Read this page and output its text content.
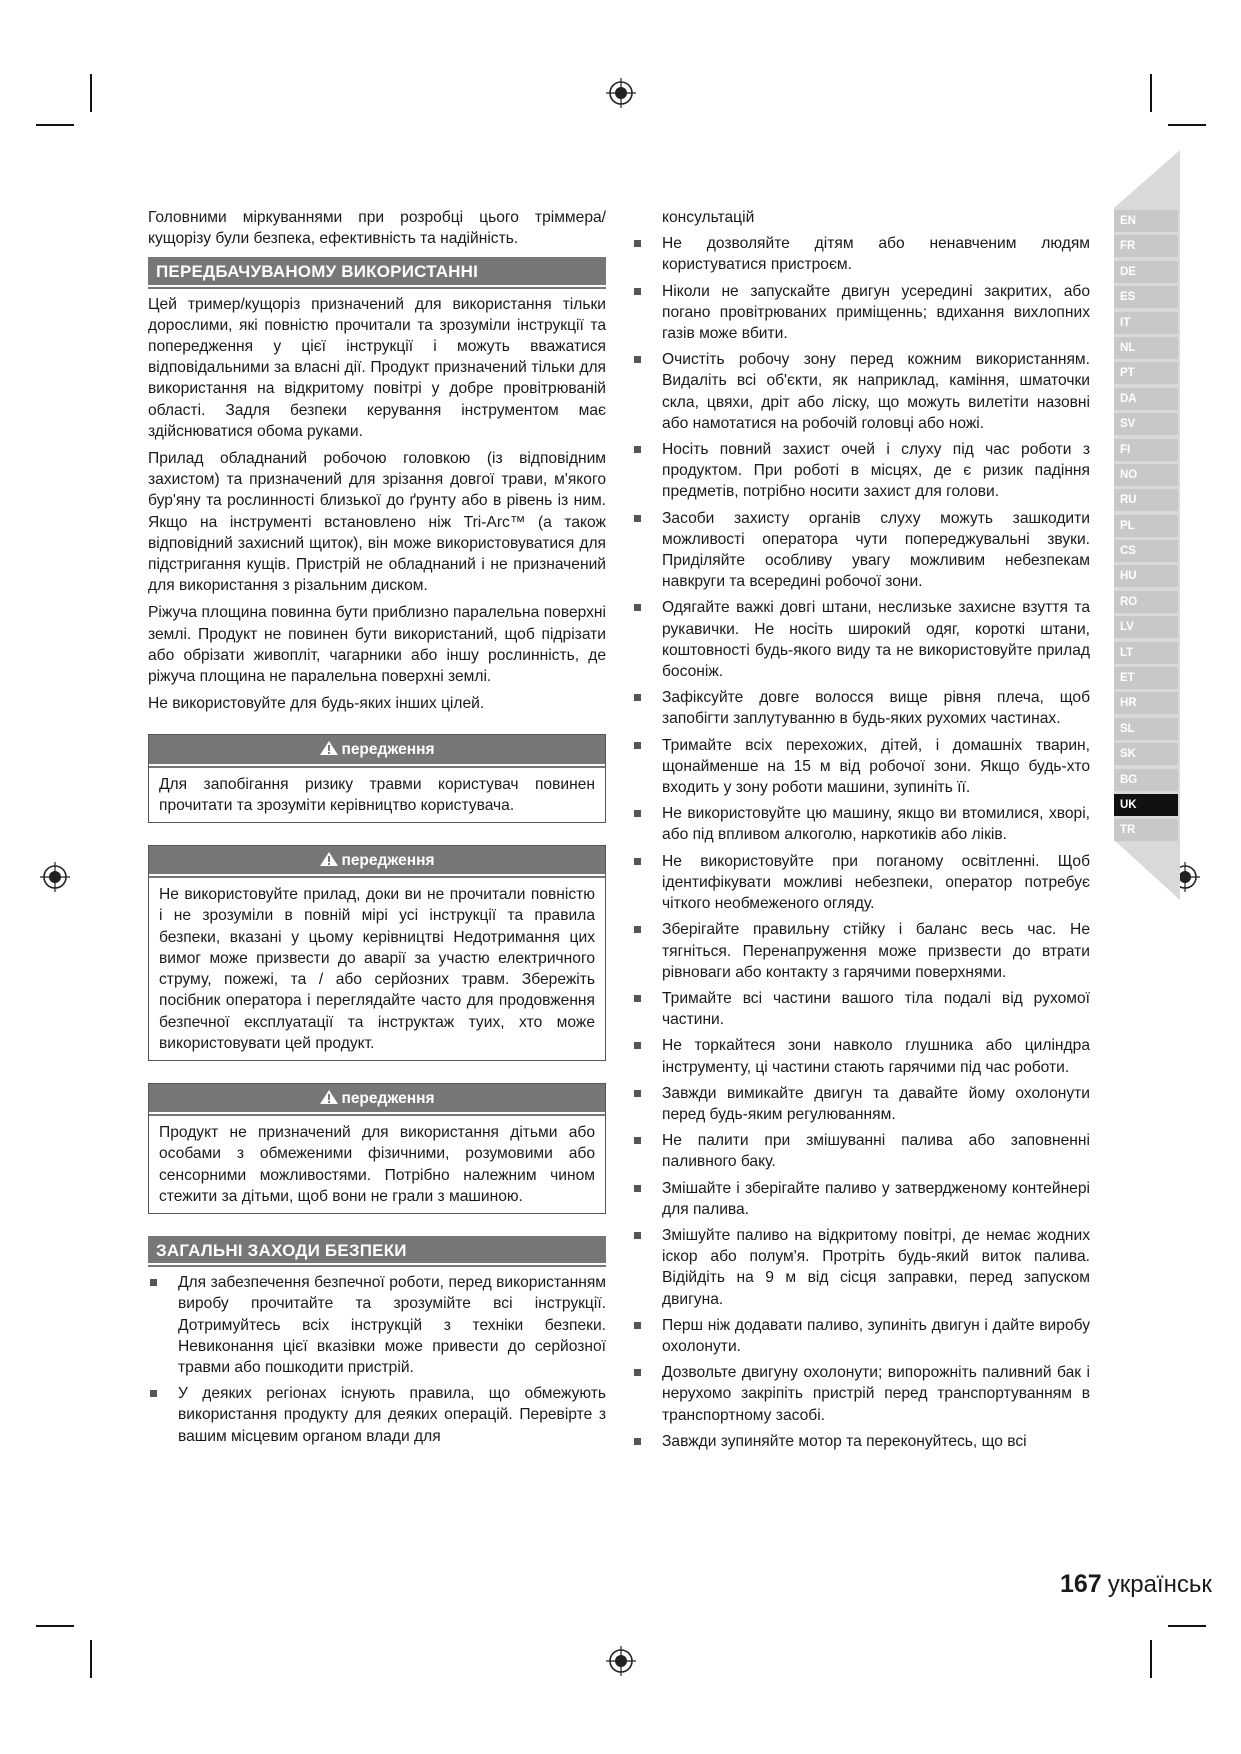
EN
FR
DE
ES
IT
NL
PT
DA
SV
FI
NO
RU
PL
CS
HU
RO
LV
LT
ET
HR
SL
SK
BG
UK
TR

Головними міркуваннями при розробці цього тріммера/кущорізу були безпека, ефективність та надійність.

ПЕРЕДБАЧУВАНОМУ ВИКОРИСТАННІ

Цей тример/кущоріз призначений для використання тільки дорослими, які повністю прочитали та зрозуміли інструкції та попередження у цієї інструкції і можуть вважатися відповідальними за власні дії. Продукт призначений тільки для використання на відкритому повітрі у добре провітрюваній області. Задля безпеки керування інструментом має здійснюватися обома руками.

Прилад обладнаний робочою головкою (із відповідним захистом) та призначений для зрізання довгої трави, м'якого бур'яну та рослинності близької до ґрунту або в рівень із ним. Якщо на інструменті встановлено ніж Tri-Arc™ (а також відповідний захисний щиток), він може використовуватися для підстригання кущів. Пристрій не обладнаний і не призначений для використання з різальним диском.

Ріжуча площина повинна бути приблизно паралельна поверхні землі. Продукт не повинен бути використаний, щоб підрізати або обрізати живопліт, чагарники або іншу рослинність, де ріжуча площина не паралельна поверхні землі.

Не використовуйте для будь-яких інших цілей.

передження
Для запобігання ризику травми користувач повинен прочитати та зрозуміти керівництво користувача.
передження
Не використовуйте прилад, доки ви не прочитали повністю і не зрозуміли в повній мірі усі інструкції та правила безпеки, вказані у цьому керівництві Недотримання цих вимог може призвести до аварії за участю електричного струму, пожежі, та / або серйозних травм. Збережіть посібник оператора і переглядайте часто для продовження безпечної експлуатації та інструктаж туих, хто може використовувати цей продукт.
передження
Продукт не призначений для використання дітьми або особами з обмеженими фізичними, розумовими або сенсорними можливостями. Потрібно належним чином стежити за дітьми, щоб вони не грали з машиною.
ЗАГАЛЬНІ ЗАХОДИ БЕЗПЕКИ
Для забезпечення безпечної роботи, перед використанням виробу прочитайте та зрозумійте всі інструкції. Дотримуйтесь всіх інструкцій з техніки безпеки. Невиконання цієї вказівки може привести до серйозної травми або пошкодити пристрій.
У деяких регіонах існують правила, що обмежують використання продукту для деяких операцій. Перевірте з вашим місцевим органом влади для

консультацій

Не дозволяйте дітям або ненавченим людям користуватися пристроєм.
Ніколи не запускайте двигун усередині закритих, або погано провітрюваних приміщеннь; вдихання вихлопних газів може вбити.
Очистіть робочу зону перед кожним використанням. Видаліть всі об'єкти, як наприклад, каміння, шматочки скла, цвяхи, дріт або ліску, що можуть вилетіти назовні або намотатися на робочій головці або ножі.
Носіть повний захист очей і слуху під час роботи з продуктом. При роботі в місцях, де є ризик падіння предметів, потрібно носити захист для голови.
Засоби захисту органів слуху можуть зашкодити можливості оператора чути попереджувальні звуки. Приділяйте особливу увагу можливим небезпекам навкруги та всередині робочої зони.
Одягайте важкі довгі штани, неслизьке захисне взуття та рукавички. Не носіть широкий одяг, короткі штани, коштовності будь-якого виду та не використовуйте прилад босоніж.
Зафіксуйте довге волосся вище рівня плеча, щоб запобігти заплутуванню в будь-яких рухомих частинах.
Тримайте всіх перехожих, дітей, і домашніх тварин, щонайменше на 15 м від робочої зони. Якщо будь-хто входить у зону роботи машини, зупиніть її.
Не використовуйте цю машину, якщо ви втомилися, хворі, або під впливом алкоголю, наркотиків або ліків.
Не використовуйте при поганому освітленні. Щоб ідентифікувати можливі небезпеки, оператор потребує чіткого необмеженого огляду.
Зберігайте правильну стійку і баланс весь час. Не тягніться. Перенапруження може призвести до втрати рівноваги або контакту з гарячими поверхнями.
Тримайте всі частини вашого тіла подалі від рухомої частини.
Не торкайтеся зони навколо глушника або циліндра інструменту, ці частини стають гарячими під час роботи.
Завжди вимикайте двигун та давайте йому охолонути перед будь-яким регулюванням.
Не палити при змішуванні палива або заповненні паливного баку.
Змішайте і зберігайте паливо у затвердженому контейнері для палива.
Змішуйте паливо на відкритому повітрі, де немає жодних іскор або полум'я. Протріть будь-який виток палива. Відійдіть на 9 м від сісця заправки, перед запуском двигуна.
Перш ніж додавати паливо, зупиніть двигун і дайте виробу охолонути.
Дозвольте двигуну охолонути; випорожніть паливний бак і нерухомо закріпіть пристрій перед транспортуванням в транспортному засобі.
Завжди зупиняйте мотор та переконуйтесь, що всі
167 українськ
